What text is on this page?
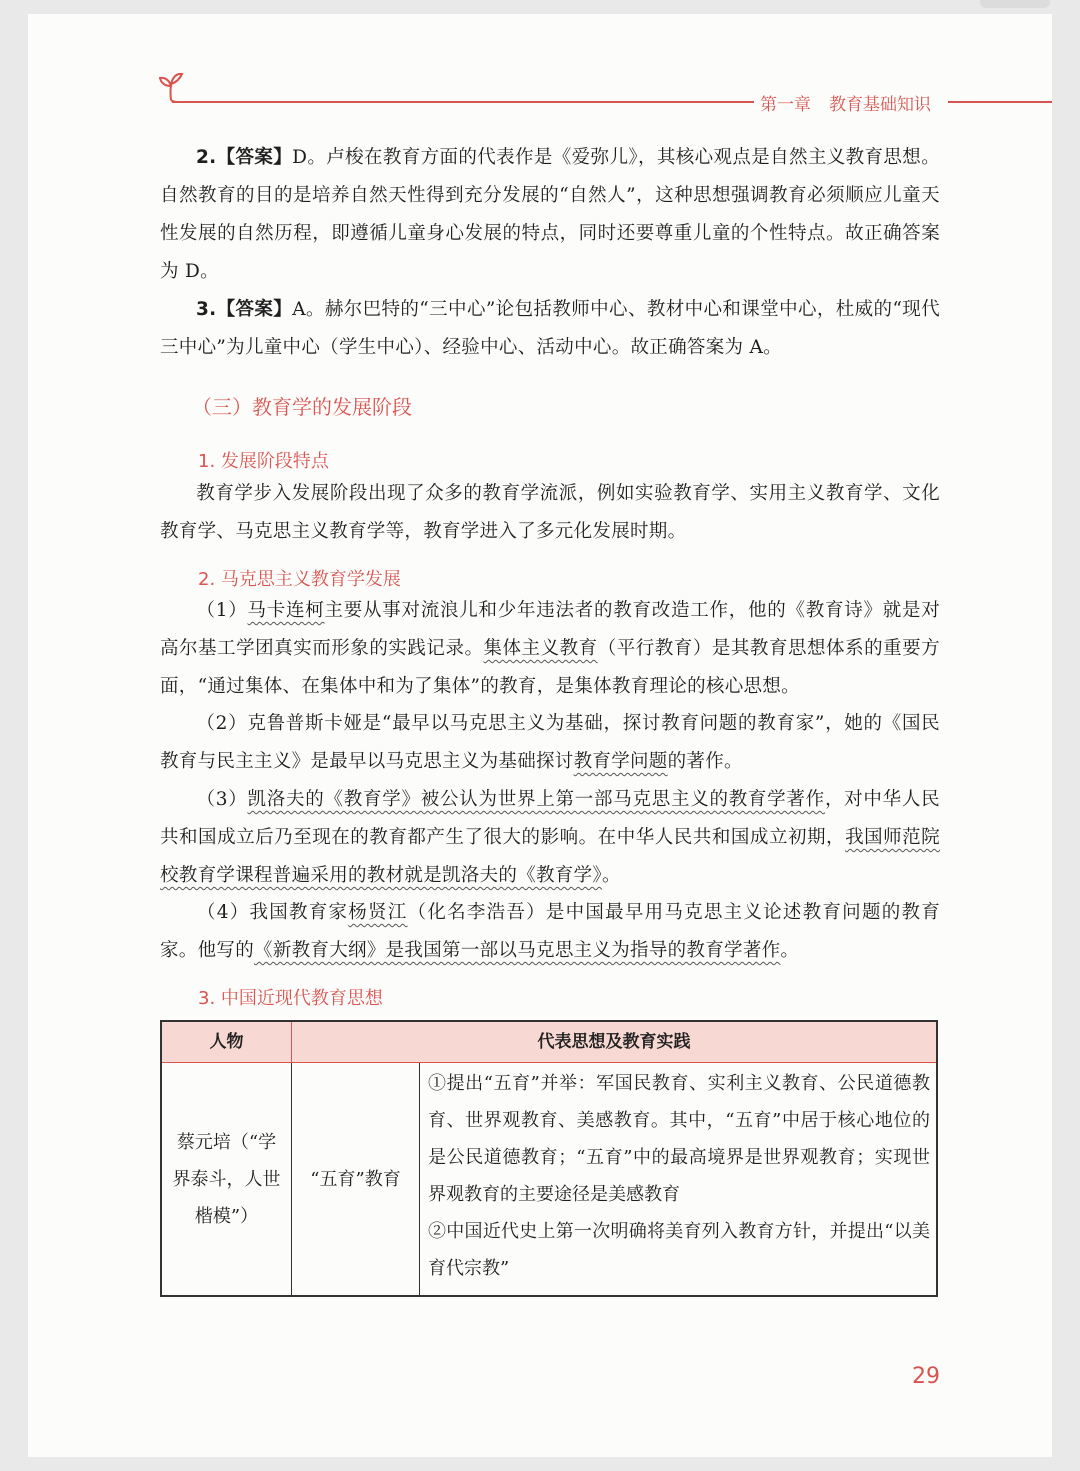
第一章 教育基础知识
2.【答案】D。卢梭在教育方面的代表作是《爱弥儿》，其核心观点是自然主义教育思想。自然教育的目的是培养自然天性得到充分发展的“自然人”，这种思想强调教育必须顺应儿童天性发展的自然历程，即遵循儿童身心发展的特点，同时还要尊重儿童的个性特点。故正确答案为 D。
3.【答案】A。赫尔巴特的“三中心”论包括教师中心、教材中心和课堂中心，杜威的“现代三中心”为儿童中心（学生中心）、经验中心、活动中心。故正确答案为 A。
（三）教育学的发展阶段
1. 发展阶段特点
教育学步入发展阶段出现了众多的教育学流派，例如实验教育学、实用主义教育学、文化教育学、马克思主义教育学等，教育学进入了多元化发展时期。
2. 马克思主义教育学发展
（1）马卡连柯主要从事对流浪儿和少年违法者的教育改造工作，他的《教育诗》就是对高尔基工学团真实而形象的实践记录。集体主义教育（平行教育）是其教育思想体系的重要方面，“通过集体、在集体中和为了集体”的教育，是集体教育理论的核心思想。
（2）克鲁普斯卡娅是“最早以马克思主义为基础，探讨教育问题的教育家”，她的《国民教育与民主主义》是最早以马克思主义为基础探讨教育学问题的著作。
（3）凯洛夫的《教育学》被公认为世界上第一部马克思主义的教育学著作，对中华人民共和国成立后乃至现在的教育都产生了很大的影响。在中华人民共和国成立初期，我国师范院校教育学课程普遍采用的教材就是凯洛夫的《教育学》。
（4）我国教育家杨贤江（化名李浩吾）是中国最早用马克思主义论述教育问题的教育家。他写的《新教育大纲》是我国第一部以马克思主义为指导的教育学著作。
3. 中国近现代教育思想
人物	代表思想及教育实践	
蔡元培（“学界泰斗，人世楷模”）	“五育”教育	①提出“五育”并举：军国民教育、实利主义教育、公民道德教育、世界观教育、美感教育。其中，“五育”中居于核心地位的是公民道德教育；“五育”中的最高境界是世界观教育；实现世界观教育的主要途径是美感教育
②中国近代史上第一次明确将美育列入教育方针，并提出“以美育代宗教”
29
